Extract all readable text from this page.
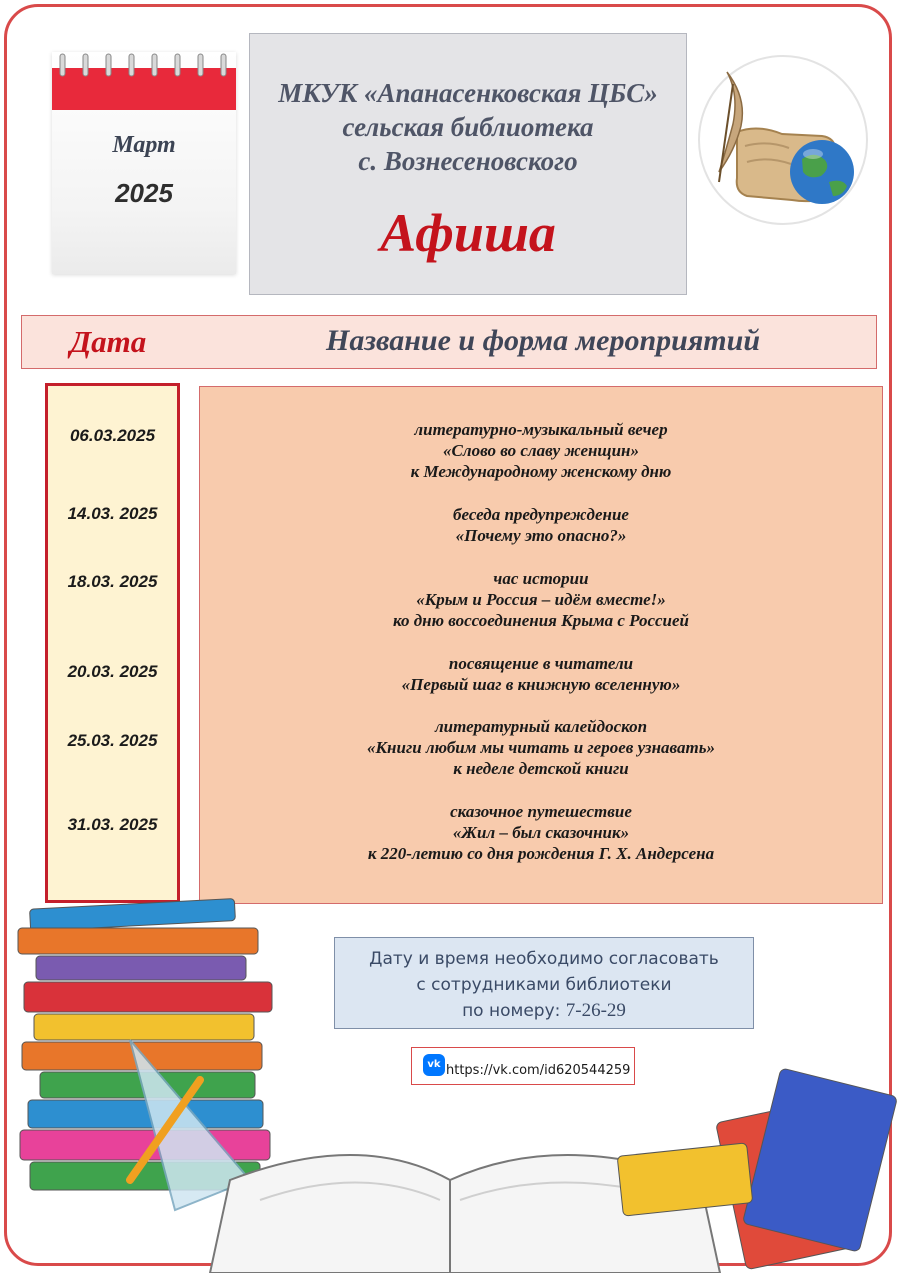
Март
2025
МКУК «Апанасенковская ЦБС»
сельская библиотека
с. Вознесеновского
Афиша
Дата	Название и форма мероприятий
06.03.2025
14.03. 2025
18.03. 2025
20.03. 2025
25.03. 2025
31.03. 2025
литературно-музыкальный вечер
«Слово во славу женщин»
к Международному женскому дню
беседа предупреждение
«Почему это опасно?»
час истории
«Крым и Россия – идём вместе!»
ко дню воссоединения Крыма с Россией
посвящение в читатели
«Первый шаг в книжную вселенную»
литературный калейдоскоп
«Книги любим мы читать и героев узнавать»
к неделе детской книги
сказочное путешествие
«Жил – был сказочник»
к 220-летию со дня рождения Г. Х. Андерсена
Дату и время необходимо согласовать
с сотрудниками библиотеки
по номеру: 7-26-29
vk https://vk.com/id620544259
